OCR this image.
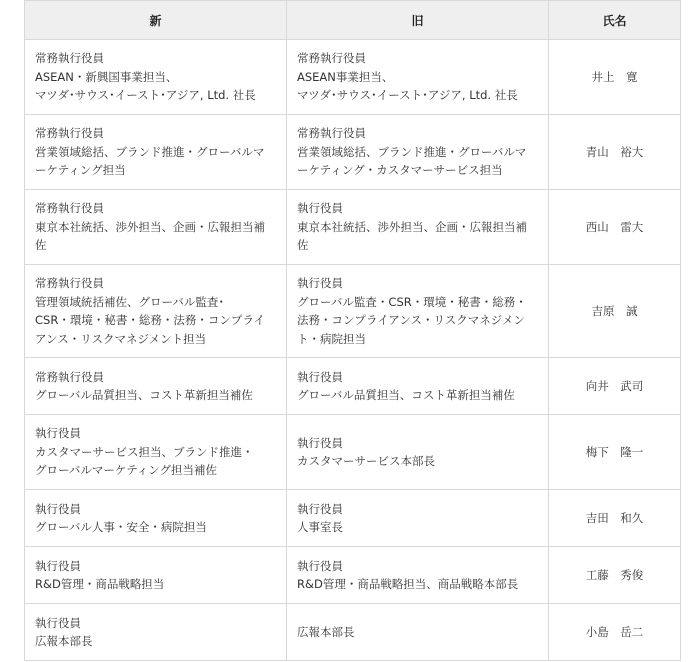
新	旧	氏名

常務執行役員
ASEAN・新興国事業担当、
マツダ･サウス･イースト･アジア, Ltd. 社長	常務執行役員
ASEAN事業担当、
マツダ･サウス･イースト･アジア, Ltd. 社長	井上　寛

常務執行役員
営業領域総括、ブランド推進・グローバルマ
ーケティング担当	常務執行役員
営業領域総括、ブランド推進・グローバルマ
ーケティング・カスタマーサービス担当	青山　裕大

常務執行役員
東京本社統括、渉外担当、企画・広報担当補
佐	執行役員
東京本社統括、渉外担当、企画・広報担当補
佐	西山　雷大

常務執行役員
管理領域統括補佐、グローバル監査･
CSR・環境・秘書・総務・法務・コンプライ
アンス・リスクマネジメント担当	執行役員
グローバル監査・CSR・環境・秘書・総務・
法務・コンプライアンス・リスクマネジメン
ト・病院担当	吉原　誠

常務執行役員
グローバル品質担当、コスト革新担当補佐	執行役員
グローバル品質担当、コスト革新担当補佐	向井　武司

執行役員
カスタマーサービス担当、ブランド推進・
グローバルマーケティング担当補佐	執行役員
カスタマーサービス本部長	梅下　隆一

執行役員
グローバル人事・安全・病院担当	執行役員
人事室長	吉田　和久

執行役員
R&D管理・商品戦略担当	執行役員
R&D管理・商品戦略担当、商品戦略本部長	工藤　秀俊

執行役員
広報本部長	広報本部長	小島　岳二
